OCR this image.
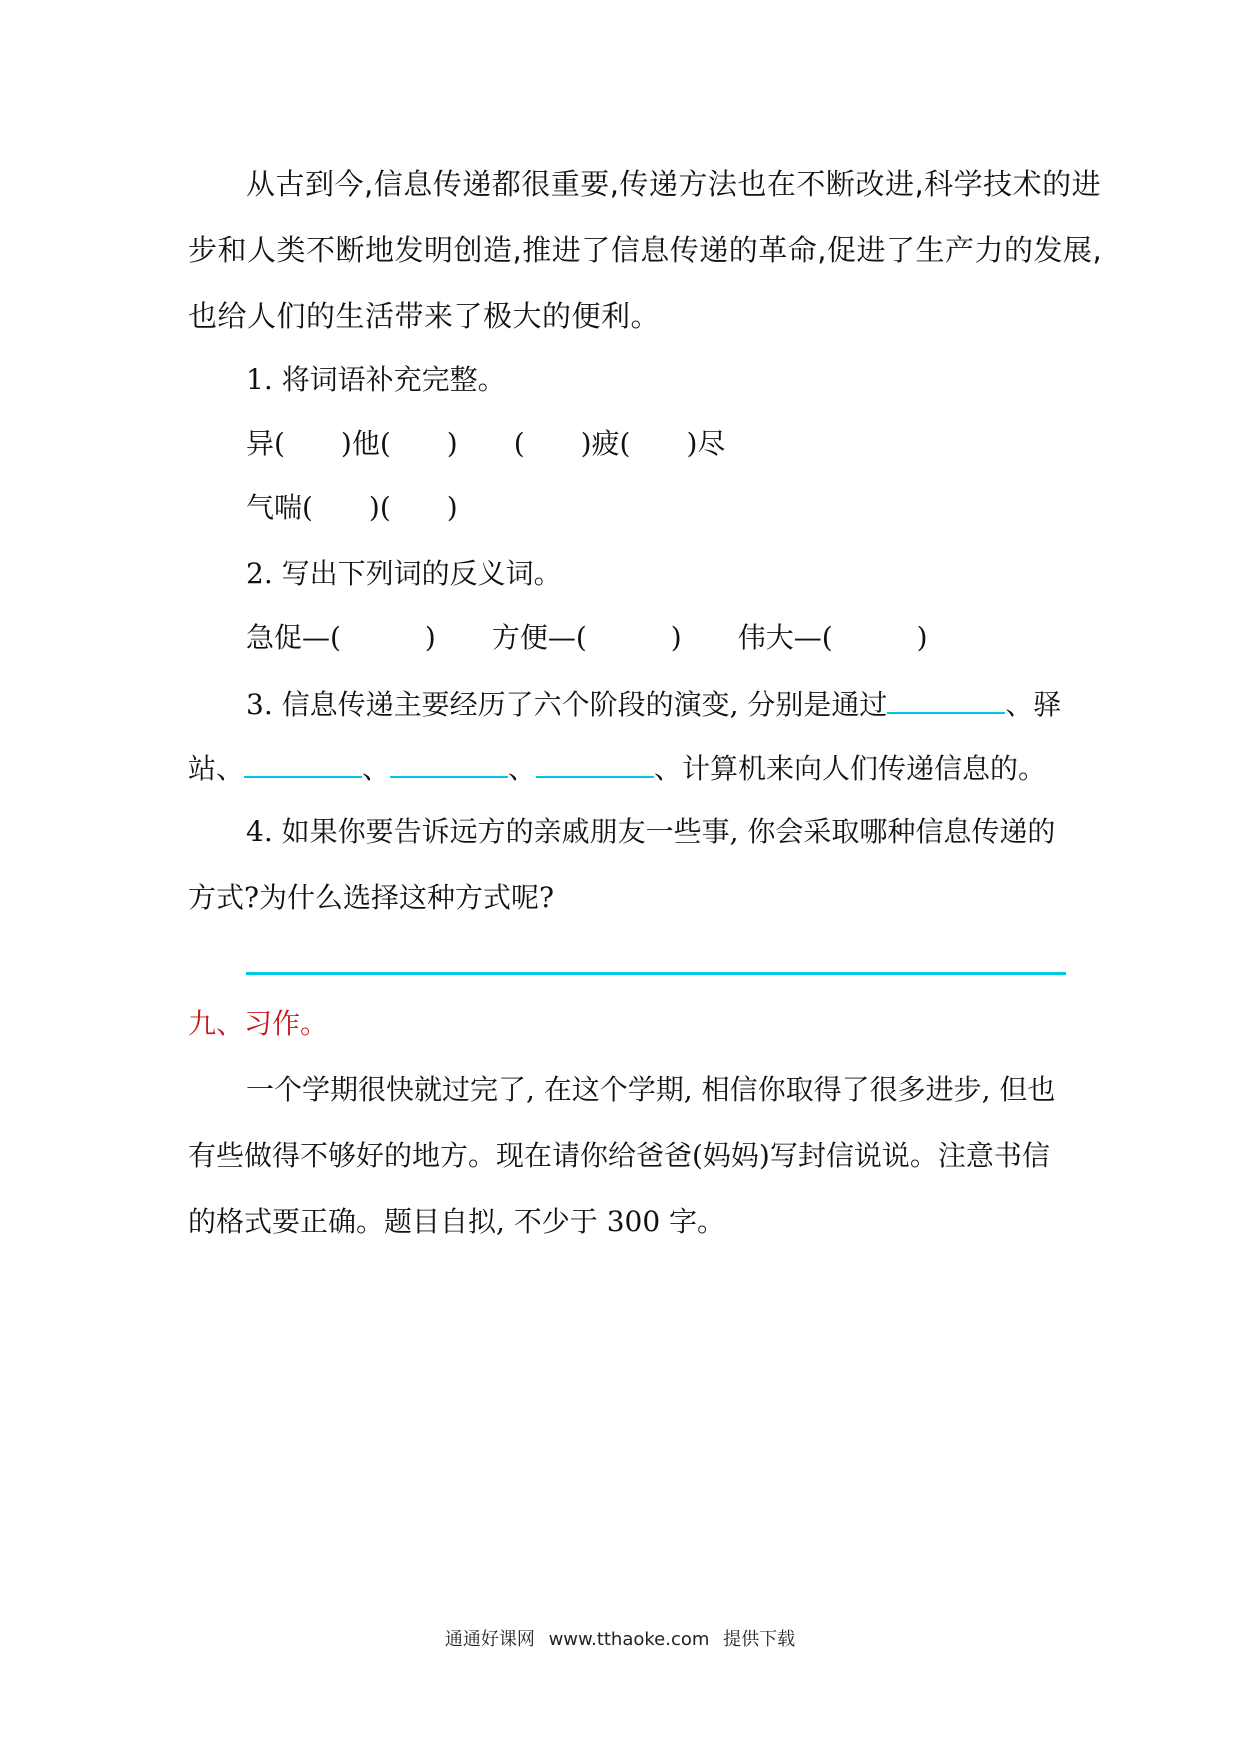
从古到今,信息传递都很重要,传递方法也在不断改进,科学技术的进
步和人类不断地发明创造,推进了信息传递的革命,促进了生产力的发展,
也给人们的生活带来了极大的便利。
1. 将词语补充完整。
异(　　)他(　　)　　(　　)疲(　　)尽
气喘(　　)(　　)
2. 写出下列词的反义词。
急促—(　　　)　　方便—(　　　)　　伟大—(　　　)
3. 信息传递主要经历了六个阶段的演变, 分别是通过	、驿
站、	、	、	、计算机来向人们传递信息的。
4. 如果你要告诉远方的亲戚朋友一些事, 你会采取哪种信息传递的
方式?为什么选择这种方式呢?
九、习作。
一个学期很快就过完了, 在这个学期, 相信你取得了很多进步, 但也
有些做得不够好的地方。现在请你给爸爸(妈妈)写封信说说。注意书信
的格式要正确。题目自拟, 不少于 300 字。
通通好课网 www.tthaoke.com 提供下载
